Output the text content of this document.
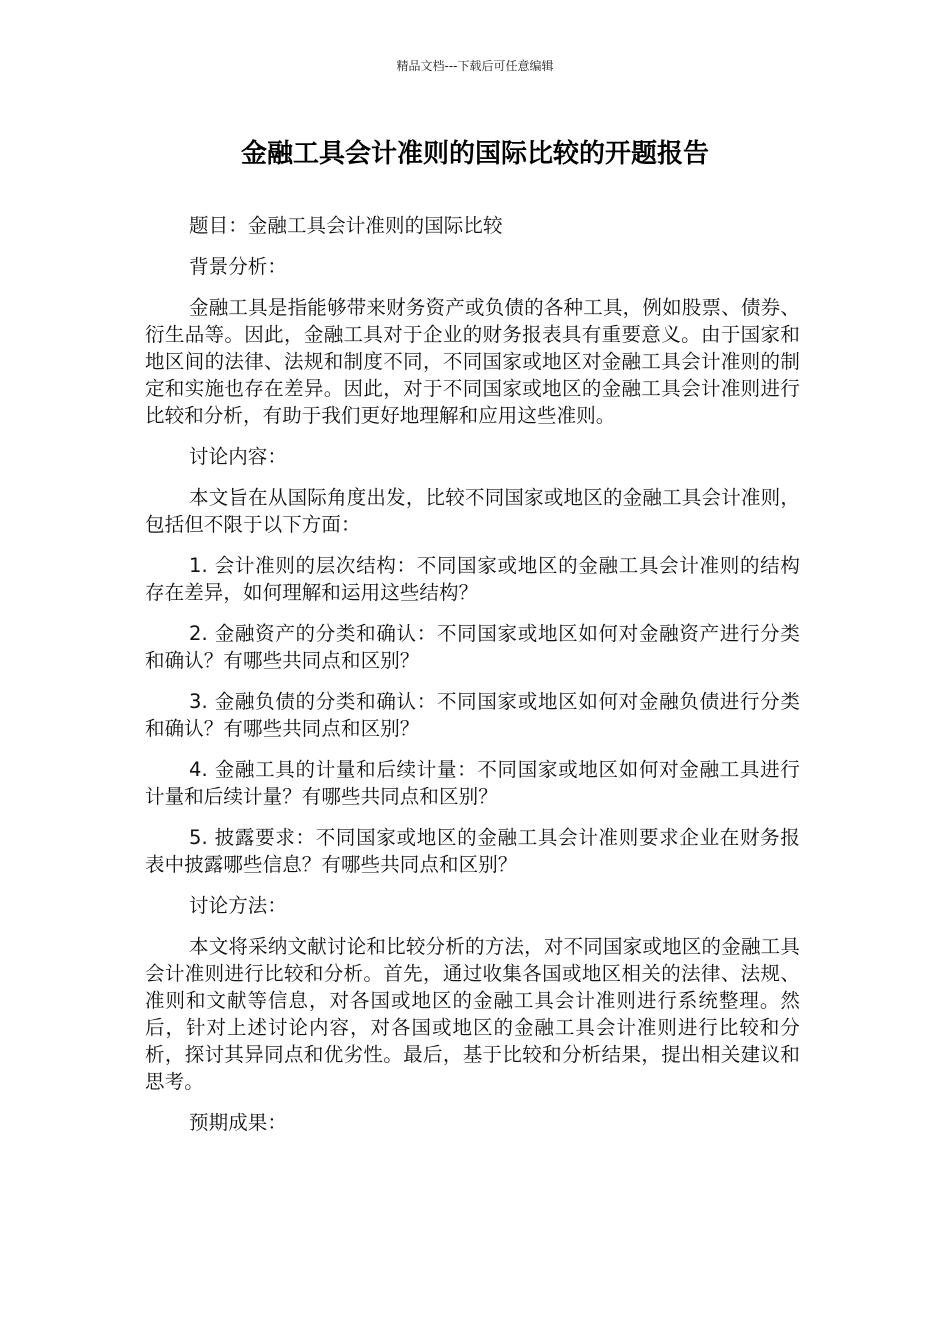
精品文档---下载后可任意编辑
金融工具会计准则的国际比较的开题报告

题目：金融工具会计准则的国际比较

背景分析：

金融工具是指能够带来财务资产或负债的各种工具，例如股票、债券、衍生品等。因此，金融工具对于企业的财务报表具有重要意义。由于国家和地区间的法律、法规和制度不同，不同国家或地区对金融工具会计准则的制定和实施也存在差异。因此，对于不同国家或地区的金融工具会计准则进行比较和分析，有助于我们更好地理解和应用这些准则。

讨论内容：

本文旨在从国际角度出发，比较不同国家或地区的金融工具会计准则，包括但不限于以下方面：

1. 会计准则的层次结构：不同国家或地区的金融工具会计准则的结构存在差异，如何理解和运用这些结构？

2. 金融资产的分类和确认：不同国家或地区如何对金融资产进行分类和确认？有哪些共同点和区别？

3. 金融负债的分类和确认：不同国家或地区如何对金融负债进行分类和确认？有哪些共同点和区别？

4. 金融工具的计量和后续计量：不同国家或地区如何对金融工具进行计量和后续计量？有哪些共同点和区别？

5. 披露要求：不同国家或地区的金融工具会计准则要求企业在财务报表中披露哪些信息？有哪些共同点和区别？

讨论方法：

本文将采纳文献讨论和比较分析的方法，对不同国家或地区的金融工具会计准则进行比较和分析。首先，通过收集各国或地区相关的法律、法规、准则和文献等信息，对各国或地区的金融工具会计准则进行系统整理。然后，针对上述讨论内容，对各国或地区的金融工具会计准则进行比较和分析，探讨其异同点和优劣性。最后，基于比较和分析结果，提出相关建议和思考。

预期成果：
